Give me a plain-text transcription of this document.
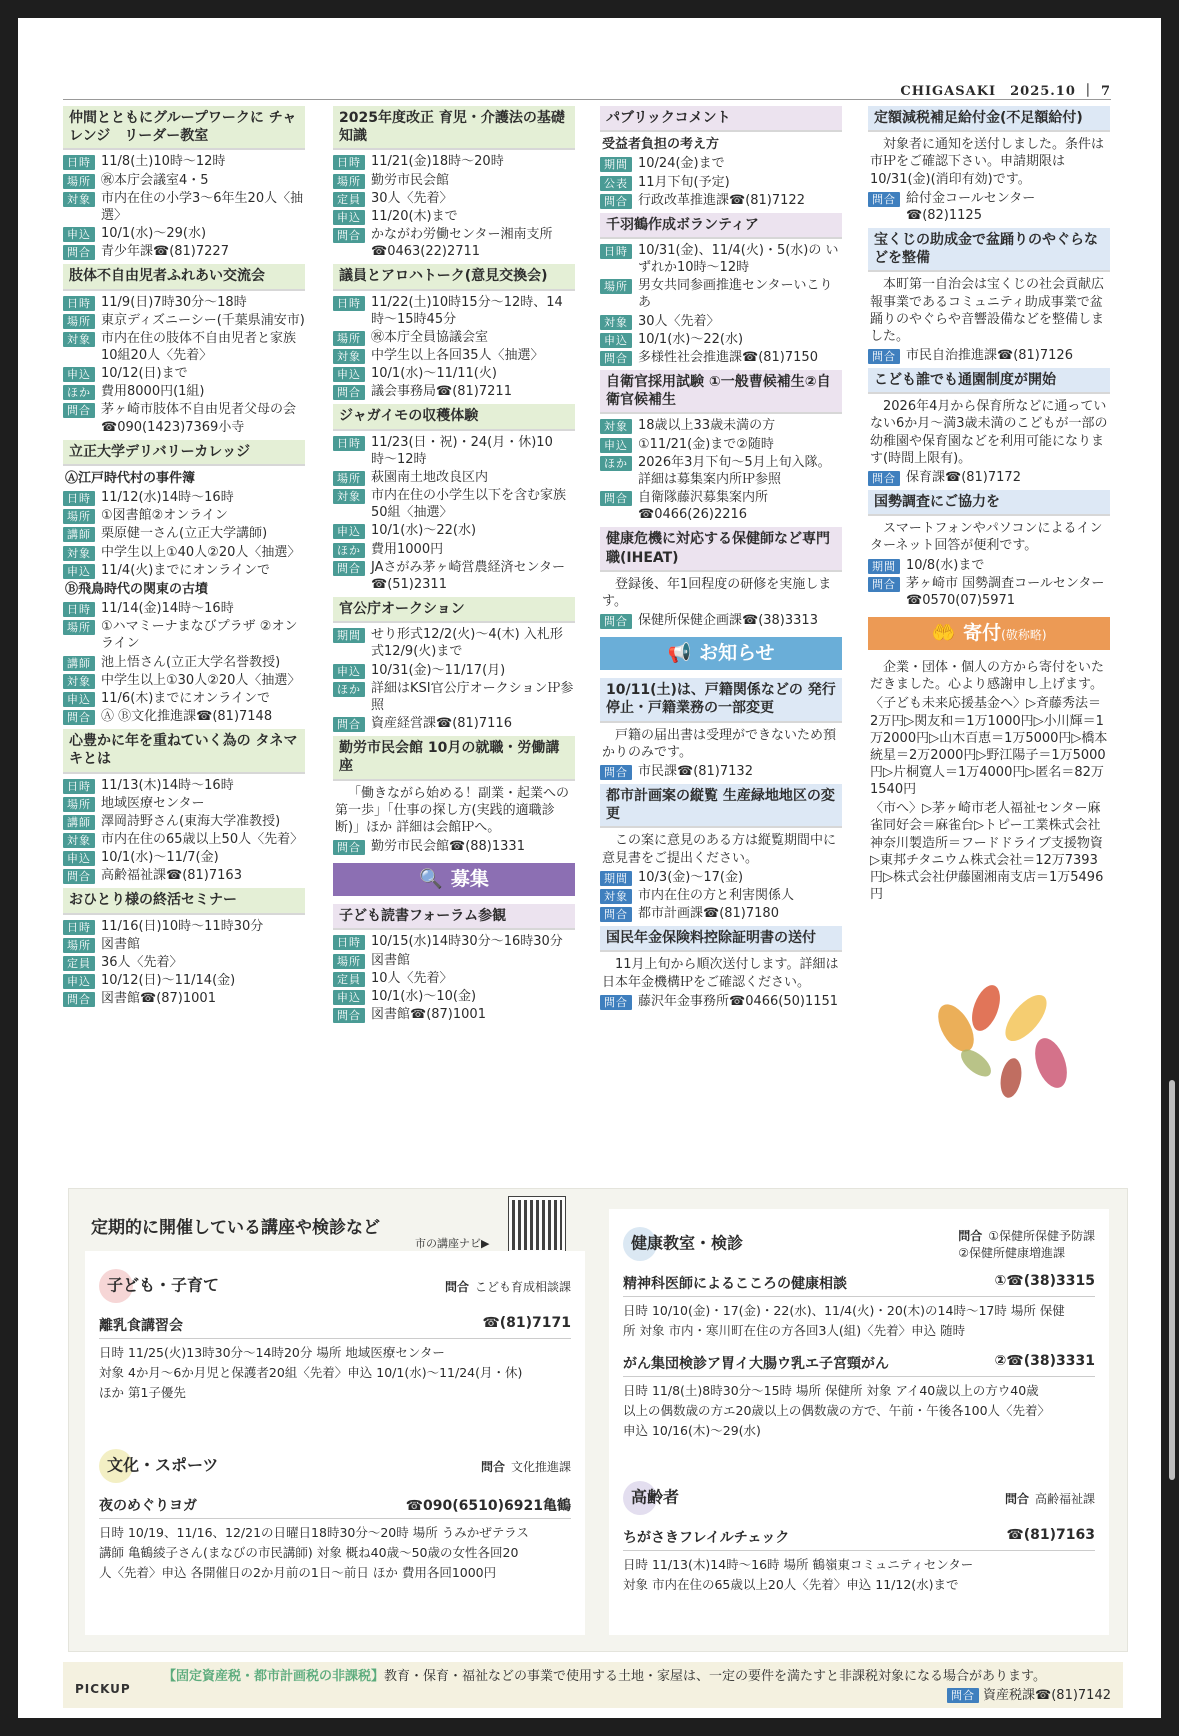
CHIGASAKI　2025.10 ｜ 7
仲間とともにグループワークに チャレンジ　リーダー教室
日時 11/8(土)10時〜12時
場所 ㊗本庁会議室4・5
対象 市内在住の小学3〜6年生20人〈抽選〉
申込 10/1(水)〜29(水)
問合 青少年課☎(81)7227
肢体不自由児者ふれあい交流会
日時 11/9(日)7時30分〜18時
場所 東京ディズニーシー(千葉県浦安市)
対象 市内在住の肢体不自由児者と家族10組20人〈先着〉
申込 10/12(日)まで
ほか 費用8000円(1組)
問合 茅ヶ崎市肢体不自由児者父母の会 ☎090(1423)7369小寺
立正大学デリバリーカレッジ
Ⓐ江戸時代村の事件簿
日時 11/12(水)14時〜16時
場所 ①図書館②オンライン
講師 栗原健一さん(立正大学講師)
対象 中学生以上①40人②20人〈抽選〉
申込 11/4(火)までにオンラインで
Ⓑ飛鳥時代の関東の古墳
日時 11/14(金)14時〜16時
場所 ①ハマミーナまなびプラザ ②オンライン
講師 池上悟さん(立正大学名誉教授)
対象 中学生以上①30人②20人〈抽選〉
申込 11/6(木)までにオンラインで
問合 Ⓐ Ⓑ文化推進課☎(81)7148
心豊かに年を重ねていく為の タネマキとは
日時 11/13(木)14時〜16時
場所 地域医療センター
講師 澤岡詩野さん(東海大学准教授)
対象 市内在住の65歳以上50人〈先着〉
申込 10/1(水)〜11/7(金)
問合 高齢福祉課☎(81)7163
おひとり様の終活セミナー
日時 11/16(日)10時〜11時30分
場所 図書館
定員 36人〈先着〉
申込 10/12(日)〜11/14(金)
問合 図書館☎(87)1001
2025年度改正 育児・介護法の基礎知識
日時 11/21(金)18時〜20時
場所 勤労市民会館
定員 30人〈先着〉
申込 11/20(木)まで
問合 かながわ労働センター湘南支所 ☎0463(22)2711
議員とアロハトーク(意見交換会)
日時 11/22(土)10時15分〜12時、14時〜15時45分
場所 ㊗本庁全員協議会室
対象 中学生以上各回35人〈抽選〉
申込 10/1(水)〜11/11(火)
問合 議会事務局☎(81)7211
ジャガイモの収穫体験
日時 11/23(日・祝)・24(月・休)10時〜12時
場所 萩園南土地改良区内
対象 市内在住の小学生以下を含む家族50組〈抽選〉
申込 10/1(水)〜22(水)
ほか 費用1000円
問合 JAさがみ茅ヶ崎営農経済センター ☎(51)2311
官公庁オークション
期間 せり形式12/2(火)〜4(木) 入札形式12/9(火)まで
申込 10/31(金)〜11/17(月)
ほか 詳細はKSI官公庁オークション㏋参照
問合 資産経営課☎(81)7116
勤労市民会館 10月の就職・労働講座
「働きながら始める！副業・起業への第一歩」「仕事の探し方(実践的適職診断)」ほか 詳細は会館㏋へ。
問合 勤労市民会館☎(88)1331
🔍 募集
子ども読書フォーラム参観
日時 10/15(水)14時30分〜16時30分
場所 図書館
定員 10人〈先着〉
申込 10/1(水)〜10(金)
問合 図書館☎(87)1001
パブリックコメント
受益者負担の考え方
期間 10/24(金)まで
公表 11月下旬(予定)
問合 行政改革推進課☎(81)7122
千羽鶴作成ボランティア
日時 10/31(金)、11/4(火)・5(水)の いずれか10時〜12時
場所 男女共同参画推進センターいこりあ
対象 30人〈先着〉
申込 10/1(水)〜22(水)
問合 多様性社会推進課☎(81)7150
自衛官採用試験 ①一般曹候補生②自衛官候補生
対象 18歳以上33歳未満の方
申込 ①11/21(金)まで②随時
ほか 2026年3月下旬〜5月上旬入隊。詳細は募集案内所㏋参照
問合 自衛隊藤沢募集案内所 ☎0466(26)2216
健康危機に対応する保健師など専門職(IHEAT)
登録後、年1回程度の研修を実施します。
問合 保健所保健企画課☎(38)3313
📢 お知らせ
10/11(土)は、戸籍関係などの 発行停止・戸籍業務の一部変更
戸籍の届出書は受理ができないため預かりのみです。
問合 市民課☎(81)7132
都市計画案の縦覧 生産緑地地区の変更
この案に意見のある方は縦覧期間中に意見書をご提出ください。
期間 10/3(金)〜17(金)
対象 市内在住の方と利害関係人
問合 都市計画課☎(81)7180
国民年金保険料控除証明書の送付
11月上旬から順次送付します。詳細は日本年金機構㏋をご確認ください。
問合 藤沢年金事務所☎0466(50)1151
定額減税補足給付金(不足額給付)
対象者に通知を送付しました。条件は市㏋をご確認下さい。申請期限は10/31(金)(消印有効)です。
問合 給付金コールセンター☎(82)1125
宝くじの助成金で盆踊りのやぐらなどを整備
本町第一自治会は宝くじの社会貢献広報事業であるコミュニティ助成事業で盆踊りのやぐらや音響設備などを整備しました。
問合 市民自治推進課☎(81)7126
こども誰でも通園制度が開始
2026年4月から保育所などに通っていない6か月〜満3歳未満のこどもが一部の幼稚園や保育園などを利用可能になります(時間上限有)。
問合 保育課☎(81)7172
国勢調査にご協力を
スマートフォンやパソコンによるインターネット回答が便利です。
期間 10/8(水)まで
問合 茅ヶ崎市 国勢調査コールセンター ☎0570(07)5971
🤲 寄付(敬称略)
企業・団体・個人の方から寄付をいただきました。心より感謝申し上げます。
〈子ども未来応援基金へ〉▷斉藤秀法＝2万円▷関友和＝1万1000円▷小川輝＝1万2000円▷山木百恵＝1万5000円▷橋本統星＝2万2000円▷野江陽子＝1万5000円▷片桐寛人＝1万4000円▷匿名＝82万1540円
〈市へ〉▷茅ヶ崎市老人福祉センター麻雀同好会＝麻雀台▷トピー工業株式会社神奈川製造所＝フードドライブ支援物資▷東邦チタニウム株式会社＝12万7393円▷株式会社伊藤園湘南支店＝1万5496円
定期的に開催している講座や検診など
市の講座ナビ▶
子ども・子育て	問合 こども育成相談課
離乳食講習会	☎(81)7171
日時 11/25(火)13時30分〜14時20分 場所 地域医療センター
対象 4か月〜6か月児と保護者20組〈先着〉申込 10/1(水)〜11/24(月・休)
ほか 第1子優先
文化・スポーツ	問合 文化推進課
夜のめぐりヨガ	☎090(6510)6921亀鶴
日時 10/19、11/16、12/21の日曜日18時30分〜20時 場所 うみかぜテラス
講師 亀鶴綾子さん(まなびの市民講師) 対象 概ね40歳〜50歳の女性各回20
人〈先着〉申込 各開催日の2か月前の1日〜前日 ほか 費用各回1000円
健康教室・検診	問合 ①保健所保健予防課
②保健所健康増進課
精神科医師によるこころの健康相談	①☎(38)3315
日時 10/10(金)・17(金)・22(水)、11/4(火)・20(木)の14時〜17時 場所 保健
所 対象 市内・寒川町在住の方各回3人(組)〈先着〉申込 随時
がん集団検診ア胃イ大腸ウ乳エ子宮頸がん	②☎(38)3331
日時 11/8(土)8時30分〜15時 場所 保健所 対象 アイ40歳以上の方ウ40歳
以上の偶数歳の方エ20歳以上の偶数歳の方で、午前・午後各100人〈先着〉
申込 10/16(木)〜29(水)
高齢者	問合 高齢福祉課
ちがさきフレイルチェック	☎(81)7163
日時 11/13(木)14時〜16時 場所 鶴嶺東コミュニティセンター
対象 市内在住の65歳以上20人〈先着〉申込 11/12(水)まで
PICKUP
【固定資産税・都市計画税の非課税】教育・保育・福祉などの事業で使用する土地・家屋は、一定の要件を満たすと非課税対象になる場合があります。
問合 資産税課☎(81)7142
